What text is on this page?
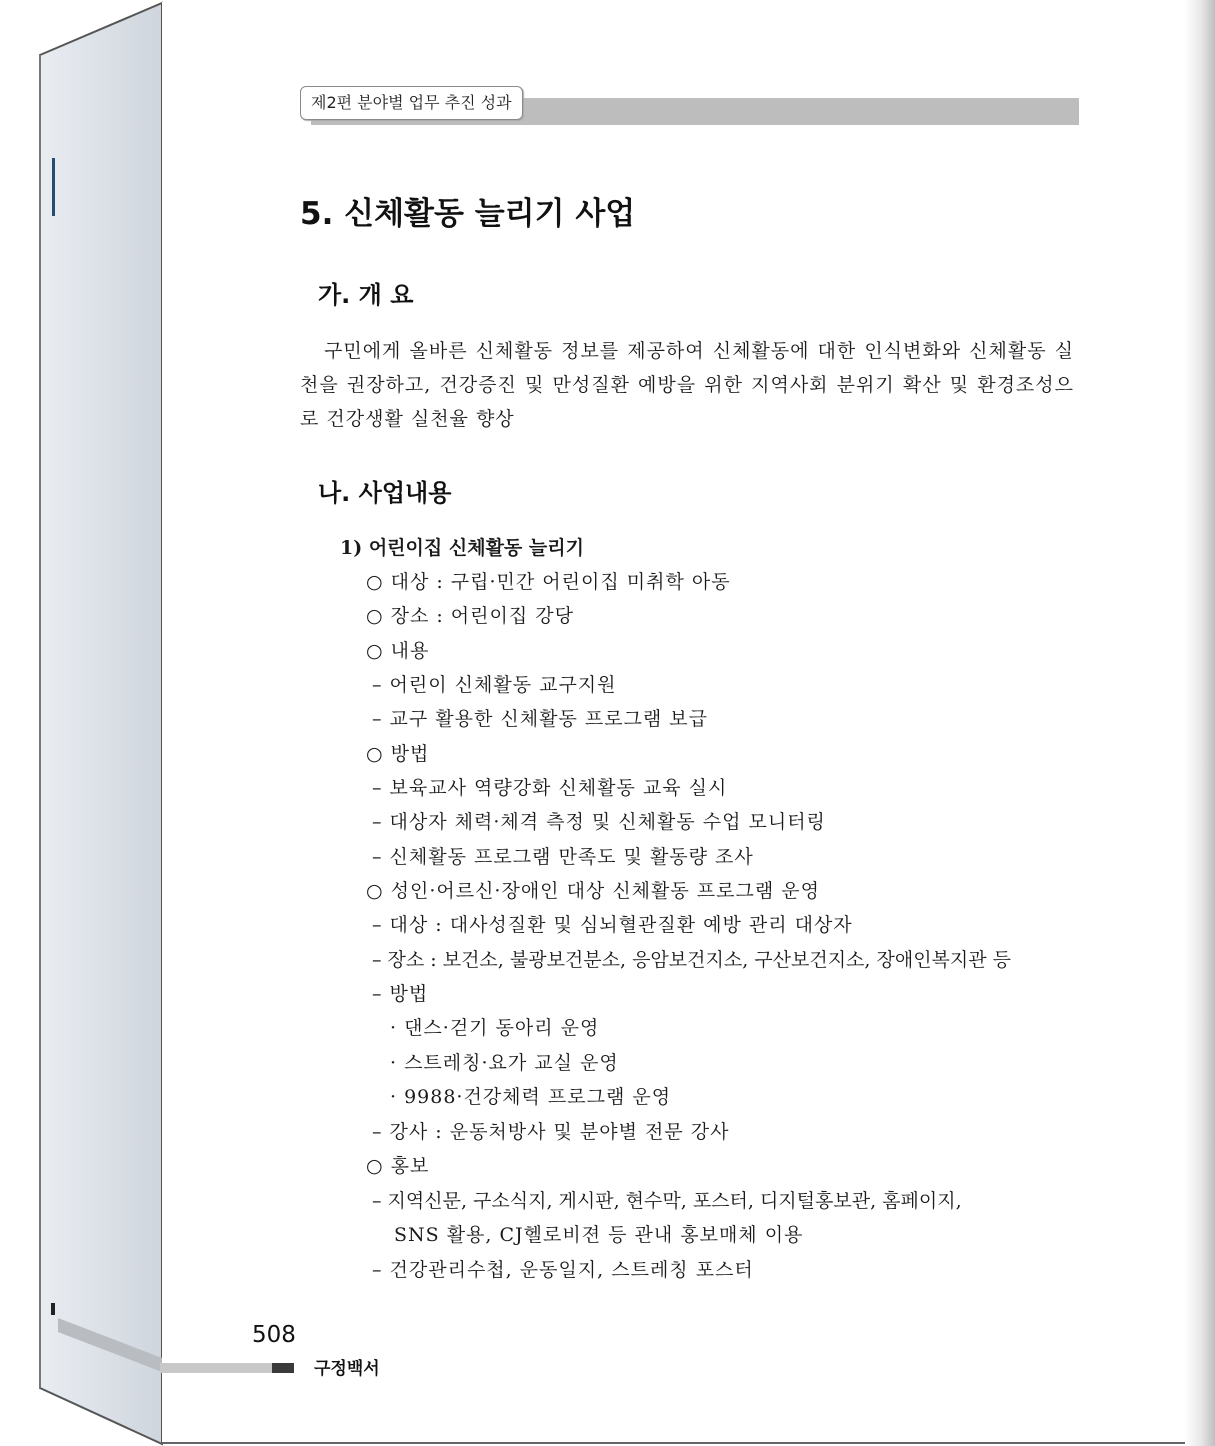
제2편 분야별 업무 추진 성과
5. 신체활동 늘리기 사업
가. 개 요

구민에게 올바른 신체활동 정보를 제공하여 신체활동에 대한 인식변화와 신체활동 실천을 권장하고, 건강증진 및 만성질환 예방을 위한 지역사회 분위기 확산 및 환경조성으로 건강생활 실천율 향상

나. 사업내용

1) 어린이집 신체활동 늘리기

○ 대상 : 구립·민간 어린이집 미취학 아동
○ 장소 : 어린이집 강당
○ 내용
– 어린이 신체활동 교구지원
– 교구 활용한 신체활동 프로그램 보급
○ 방법
– 보육교사 역량강화 신체활동 교육 실시
– 대상자 체력·체격 측정 및 신체활동 수업 모니터링
– 신체활동 프로그램 만족도 및 활동량 조사
○ 성인·어르신·장애인 대상 신체활동 프로그램 운영
– 대상 : 대사성질환 및 심뇌혈관질환 예방 관리 대상자
– 장소 : 보건소, 불광보건분소, 응암보건지소, 구산보건지소, 장애인복지관 등
– 방법
· 댄스·걷기 동아리 운영
· 스트레칭·요가 교실 운영
· 9988·건강체력 프로그램 운영
– 강사 : 운동처방사 및 분야별 전문 강사
○ 홍보
– 지역신문, 구소식지, 게시판, 현수막, 포스터, 디지털홍보관, 홈페이지,
SNS 활용, CJ헬로비젼 등 관내 홍보매체 이용
– 건강관리수첩, 운동일지, 스트레칭 포스터
508
구정백서
